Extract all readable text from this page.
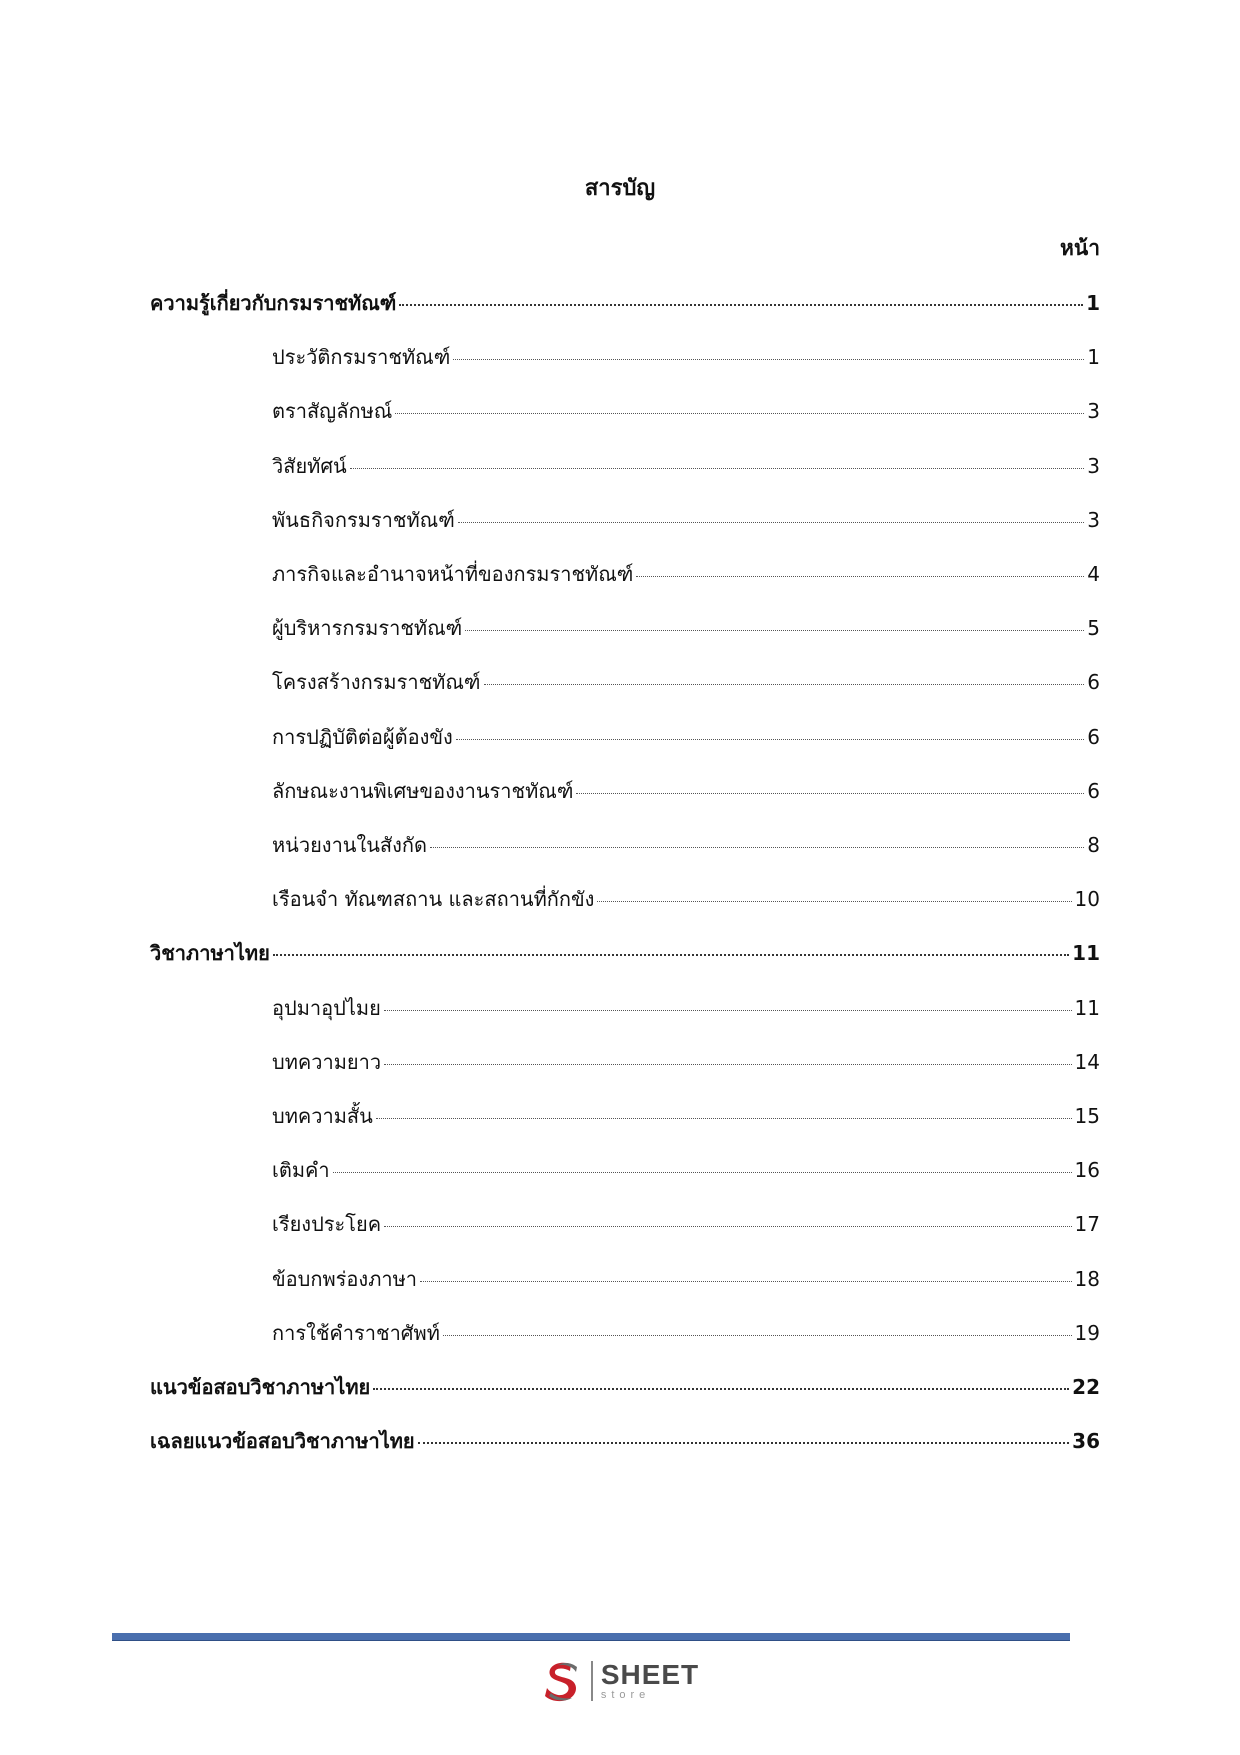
สารบัญ
หน้า
ความรู้เกี่ยวกับกรมราชทัณฑ์	1
ประวัติกรมราชทัณฑ์	1
ตราสัญลักษณ์	3
วิสัยทัศน์	3
พันธกิจกรมราชทัณฑ์	3
ภารกิจและอำนาจหน้าที่ของกรมราชทัณฑ์	4
ผู้บริหารกรมราชทัณฑ์	5
โครงสร้างกรมราชทัณฑ์	6
การปฏิบัติต่อผู้ต้องขัง	6
ลักษณะงานพิเศษของงานราชทัณฑ์	6
หน่วยงานในสังกัด	8
เรือนจำ ทัณฑสถาน และสถานที่กักขัง	10
วิชาภาษาไทย	11
อุปมาอุปไมย	11
บทความยาว	14
บทความสั้น	15
เติมคำ	16
เรียงประโยค	17
ข้อบกพร่องภาษา	18
การใช้คำราชาศัพท์	19
แนวข้อสอบวิชาภาษาไทย	22
เฉลยแนวข้อสอบวิชาภาษาไทย	36
SHEET
store
